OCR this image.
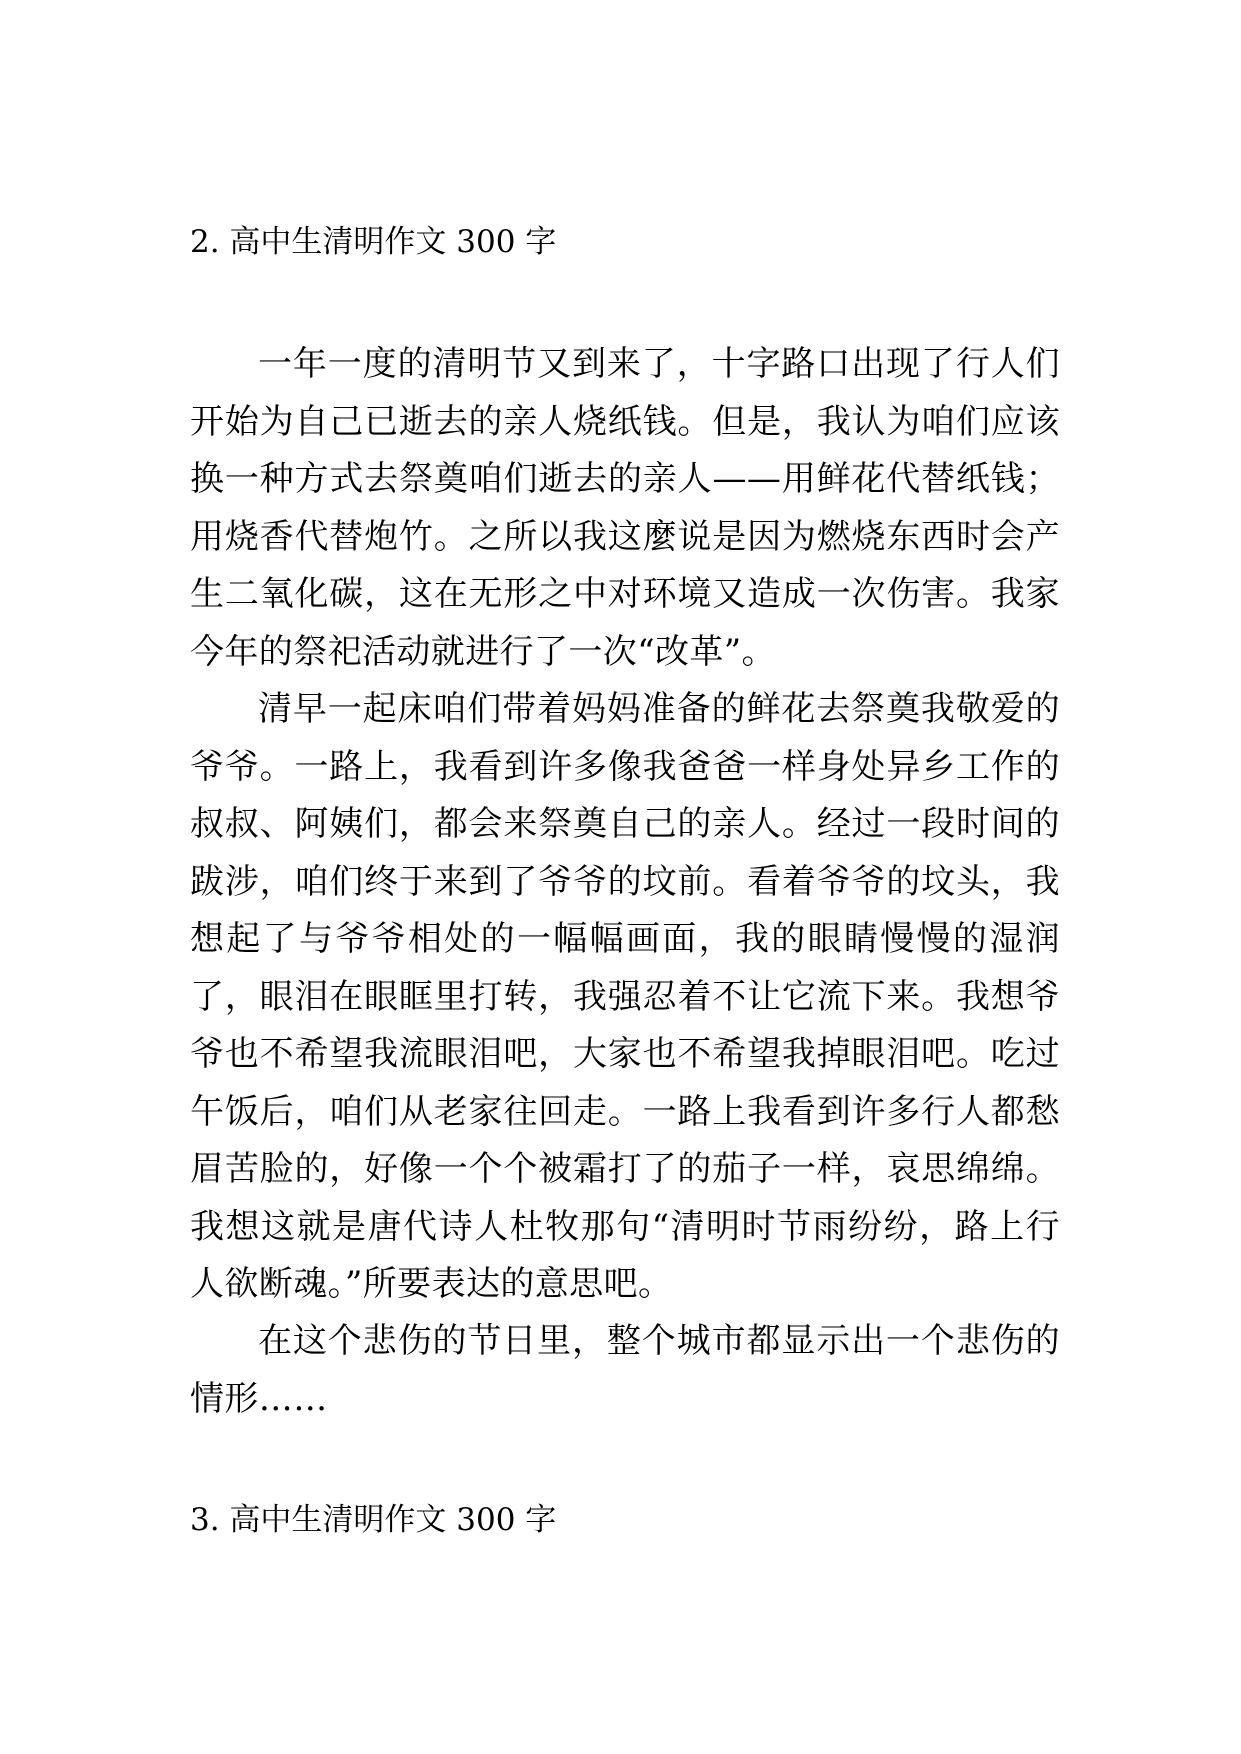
2. 高中生清明作文 300 字

一年一度的清明节又到来了，十字路口出现了行人们开始为自己已逝去的亲人烧纸钱。但是，我认为咱们应该换一种方式去祭奠咱们逝去的亲人——用鲜花代替纸钱；用烧香代替炮竹。之所以我这麼说是因为燃烧东西时会产生二氧化碳，这在无形之中对环境又造成一次伤害。我家今年的祭祀活动就进行了一次“改革”。

清早一起床咱们带着妈妈准备的鲜花去祭奠我敬爱的爷爷。一路上，我看到许多像我爸爸一样身处异乡工作的叔叔、阿姨们，都会来祭奠自己的亲人。经过一段时间的跋涉，咱们终于来到了爷爷的坟前。看着爷爷的坟头，我想起了与爷爷相处的一幅幅画面，我的眼睛慢慢的湿润了，眼泪在眼眶里打转，我强忍着不让它流下来。我想爷爷也不希望我流眼泪吧，大家也不希望我掉眼泪吧。吃过午饭后，咱们从老家往回走。一路上我看到许多行人都愁眉苦脸的，好像一个个被霜打了的茄子一样，哀思绵绵。我想这就是唐代诗人杜牧那句“清明时节雨纷纷，路上行人欲断魂。”所要表达的意思吧。

在这个悲伤的节日里，整个城市都显示出一个悲伤的情形……

3. 高中生清明作文 300 字
